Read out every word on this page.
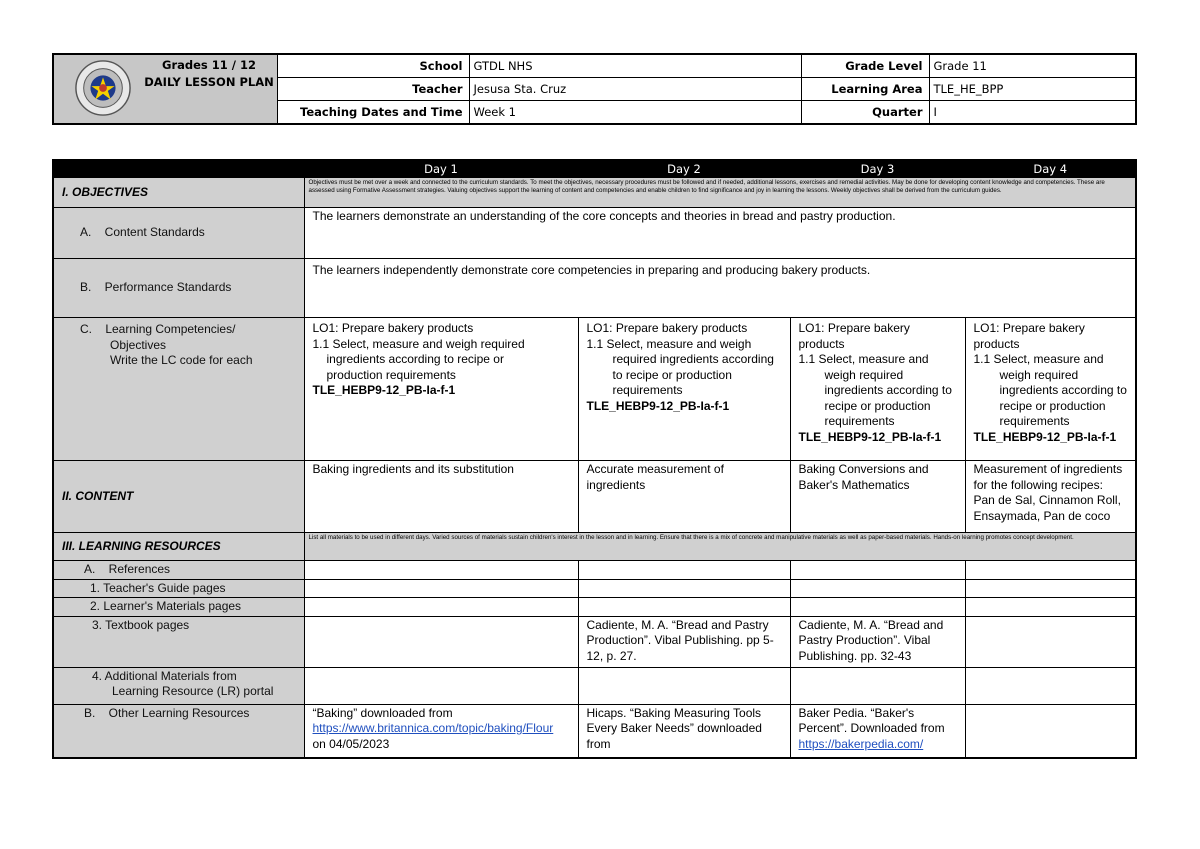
Grades 11 / 12
DAILY LESSON PLAN	School	GTDL NHS	Grade Level	Grade 11
	Teacher	Jesusa Sta. Cruz	Learning Area	TLE_HE_BPP
	Teaching Dates and Time	Week 1	Quarter	I
	Day 1	Day 2	Day 3	Day 4
I. OBJECTIVES	Objectives must be met over a week and connected to the curriculum standards. To meet the objectives, necessary procedures must be followed and if needed, additional lessons, exercises and remedial activities. May be done for developing content knowledge and competencies. These are assessed using Formative Assessment strategies. Valuing objectives support the learning of content and competencies and enable children to find significance and joy in learning the lessons. Weekly objectives shall be derived from the curriculum guides.			
A.    Content Standards	The learners demonstrate an understanding of the core concepts and theories in bread and pastry production.			
B.    Performance Standards	The learners independently demonstrate core competencies in preparing and producing bakery products.			

C.    Learning Competencies/
Objectives
Write the LC code for each	LO1: Prepare bakery products
1.1 Select, measure and weigh required ingredients according to recipe or production requirements
TLE_HEBP9-12_PB-Ia-f-1	LO1: Prepare bakery products
1.1 Select, measure and weigh required ingredients according to recipe or production requirements
TLE_HEBP9-12_PB-Ia-f-1	LO1: Prepare bakery products
1.1 Select, measure and weigh required ingredients according to recipe or production requirements
TLE_HEBP9-12_PB-Ia-f-1	LO1: Prepare bakery products
1.1 Select, measure and weigh required ingredients according to recipe or production requirements
TLE_HEBP9-12_PB-Ia-f-1

II. CONTENT	Baking ingredients and its substitution	Accurate measurement of ingredients	Baking Conversions and Baker's Mathematics	Measurement of ingredients for the following recipes: Pan de Sal, Cinnamon Roll, Ensaymada, Pan de coco
III. LEARNING RESOURCES	List all materials to be used in different days. Varied sources of materials sustain children's interest in the lesson and in learning. Ensure that there is a mix of concrete and manipulative materials as well as paper-based materials. Hands-on learning promotes concept development.			
A.    References				
1. Teacher's Guide pages				
2. Learner's Materials pages				
3. Textbook pages		Cadiente, M. A. “Bread and Pastry Production”. Vibal Publishing. pp 5-12, p. 27.	Cadiente, M. A. “Bread and Pastry Production”. Vibal Publishing. pp. 32-43	

4. Additional Materials from
Learning Resource (LR) portal				

B.    Other Learning Resources	“Baking” downloaded from
https://www.britannica.com/topic/baking/Flour
on 04/05/2023	Hicaps. “Baking Measuring Tools Every Baker Needs” downloaded from	Baker Pedia. “Baker's Percent”. Downloaded from
https://bakerpedia.com/	
